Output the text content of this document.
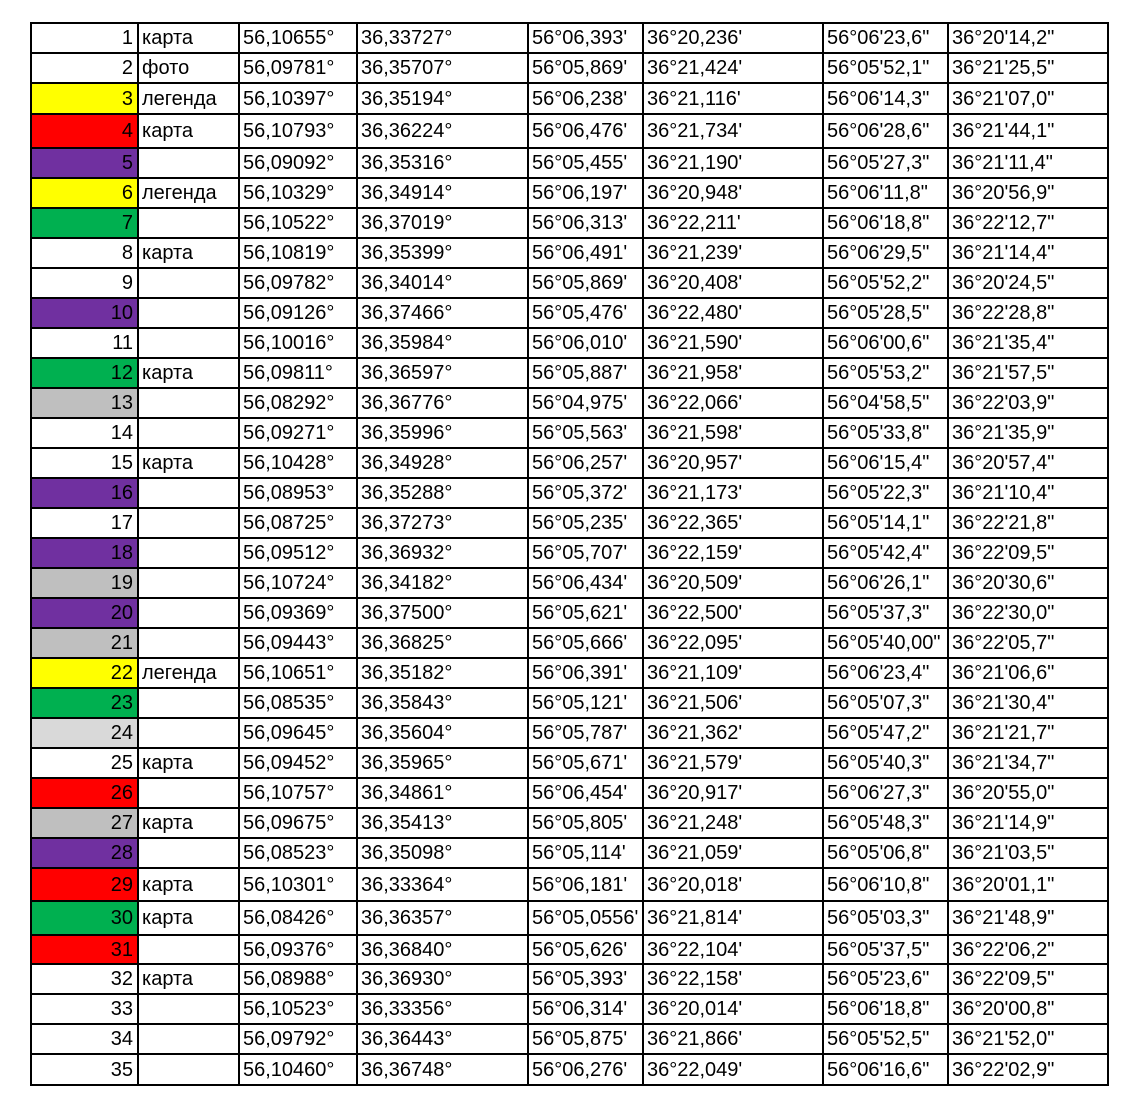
1	карта	56,10655°	36,33727°	56°06,393'	36°20,236'	56°06'23,6"	36°20'14,2"
2	фото	56,09781°	36,35707°	56°05,869'	36°21,424'	56°05'52,1"	36°21'25,5"
3	легенда	56,10397°	36,35194°	56°06,238'	36°21,116'	56°06'14,3"	36°21'07,0"
4	карта	56,10793°	36,36224°	56°06,476'	36°21,734'	56°06'28,6"	36°21'44,1"
5		56,09092°	36,35316°	56°05,455'	36°21,190'	56°05'27,3"	36°21'11,4"
6	легенда	56,10329°	36,34914°	56°06,197'	36°20,948'	56°06'11,8"	36°20'56,9"
7		56,10522°	36,37019°	56°06,313'	36°22,211'	56°06'18,8"	36°22'12,7"
8	карта	56,10819°	36,35399°	56°06,491'	36°21,239'	56°06'29,5"	36°21'14,4"
9		56,09782°	36,34014°	56°05,869'	36°20,408'	56°05'52,2"	36°20'24,5"
10		56,09126°	36,37466°	56°05,476'	36°22,480'	56°05'28,5"	36°22'28,8"
11		56,10016°	36,35984°	56°06,010'	36°21,590'	56°06'00,6"	36°21'35,4"
12	карта	56,09811°	36,36597°	56°05,887'	36°21,958'	56°05'53,2"	36°21'57,5"
13		56,08292°	36,36776°	56°04,975'	36°22,066'	56°04'58,5"	36°22'03,9"
14		56,09271°	36,35996°	56°05,563'	36°21,598'	56°05'33,8"	36°21'35,9"
15	карта	56,10428°	36,34928°	56°06,257'	36°20,957'	56°06'15,4"	36°20'57,4"
16		56,08953°	36,35288°	56°05,372'	36°21,173'	56°05'22,3"	36°21'10,4"
17		56,08725°	36,37273°	56°05,235'	36°22,365'	56°05'14,1"	36°22'21,8"
18		56,09512°	36,36932°	56°05,707'	36°22,159'	56°05'42,4"	36°22'09,5"
19		56,10724°	36,34182°	56°06,434'	36°20,509'	56°06'26,1"	36°20'30,6"
20		56,09369°	36,37500°	56°05,621'	36°22,500'	56°05'37,3"	36°22'30,0"
21		56,09443°	36,36825°	56°05,666'	36°22,095'	56°05'40,00"	36°22'05,7"
22	легенда	56,10651°	36,35182°	56°06,391'	36°21,109'	56°06'23,4"	36°21'06,6"
23		56,08535°	36,35843°	56°05,121'	36°21,506'	56°05'07,3"	36°21'30,4"
24		56,09645°	36,35604°	56°05,787'	36°21,362'	56°05'47,2"	36°21'21,7"
25	карта	56,09452°	36,35965°	56°05,671'	36°21,579'	56°05'40,3"	36°21'34,7"
26		56,10757°	36,34861°	56°06,454'	36°20,917'	56°06'27,3"	36°20'55,0"
27	карта	56,09675°	36,35413°	56°05,805'	36°21,248'	56°05'48,3"	36°21'14,9"
28		56,08523°	36,35098°	56°05,114'	36°21,059'	56°05'06,8"	36°21'03,5"
29	карта	56,10301°	36,33364°	56°06,181'	36°20,018'	56°06'10,8"	36°20'01,1"
30	карта	56,08426°	36,36357°	56°05,0556'	36°21,814'	56°05'03,3"	36°21'48,9"
31		56,09376°	36,36840°	56°05,626'	36°22,104'	56°05'37,5"	36°22'06,2"
32	карта	56,08988°	36,36930°	56°05,393'	36°22,158'	56°05'23,6"	36°22'09,5"
33		56,10523°	36,33356°	56°06,314'	36°20,014'	56°06'18,8"	36°20'00,8"
34		56,09792°	36,36443°	56°05,875'	36°21,866'	56°05'52,5"	36°21'52,0"
35		56,10460°	36,36748°	56°06,276'	36°22,049'	56°06'16,6"	36°22'02,9"
